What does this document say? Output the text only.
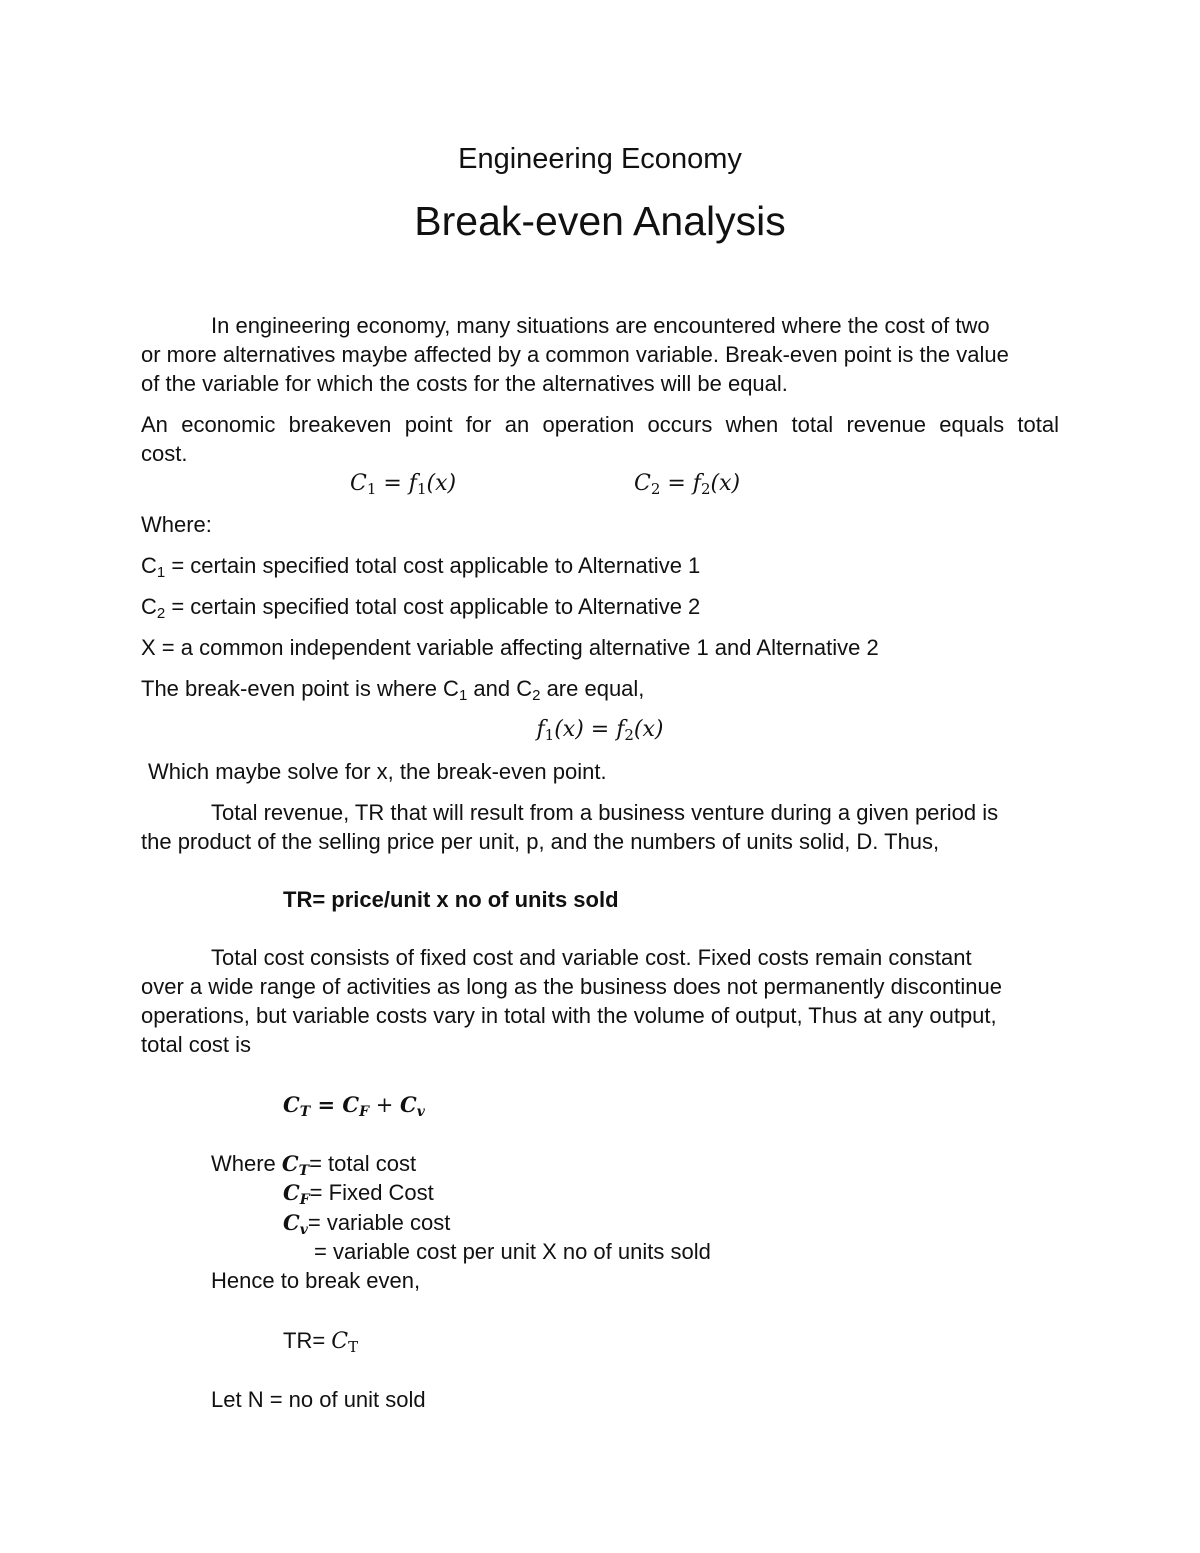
Engineering Economy
Break-even Analysis
In engineering economy, many situations are encountered where the cost of two
or more alternatives maybe affected by a common variable. Break-even point is the value
of the variable for which the costs for the alternatives will be equal.
An economic breakeven point for an operation occurs when total revenue equals total
cost.
$C_1 = f_1(x)$	$C_2 = f_2(x)$
Where:
$C_1$ = certain specified total cost applicable to Alternative 1
$C_2$ = certain specified total cost applicable to Alternative 2
X = a common independent variable affecting alternative 1 and Alternative 2
The break-even point is where $C_1$ and $C_2$ are equal,
$f_1(x) = f_2(x)$
Which maybe solve for x, the break-even point.
Total revenue, TR that will result from a business venture during a given period is
the product of the selling price per unit, p, and the numbers of units solid, D. Thus,
TR= price/unit x no of units sold
Total cost consists of fixed cost and variable cost. Fixed costs remain constant
over a wide range of activities as long as the business does not permanently discontinue
operations, but variable costs vary in total with the volume of output, Thus at any output,
total cost is
$C_T = C_F + C_v$
Where $C_T=$ total cost
$C_F=$ Fixed Cost
$C_v=$ variable cost
= variable cost per unit X no of units sold
Hence to break even,
$TR= C_T$
Let N = no of unit sold
